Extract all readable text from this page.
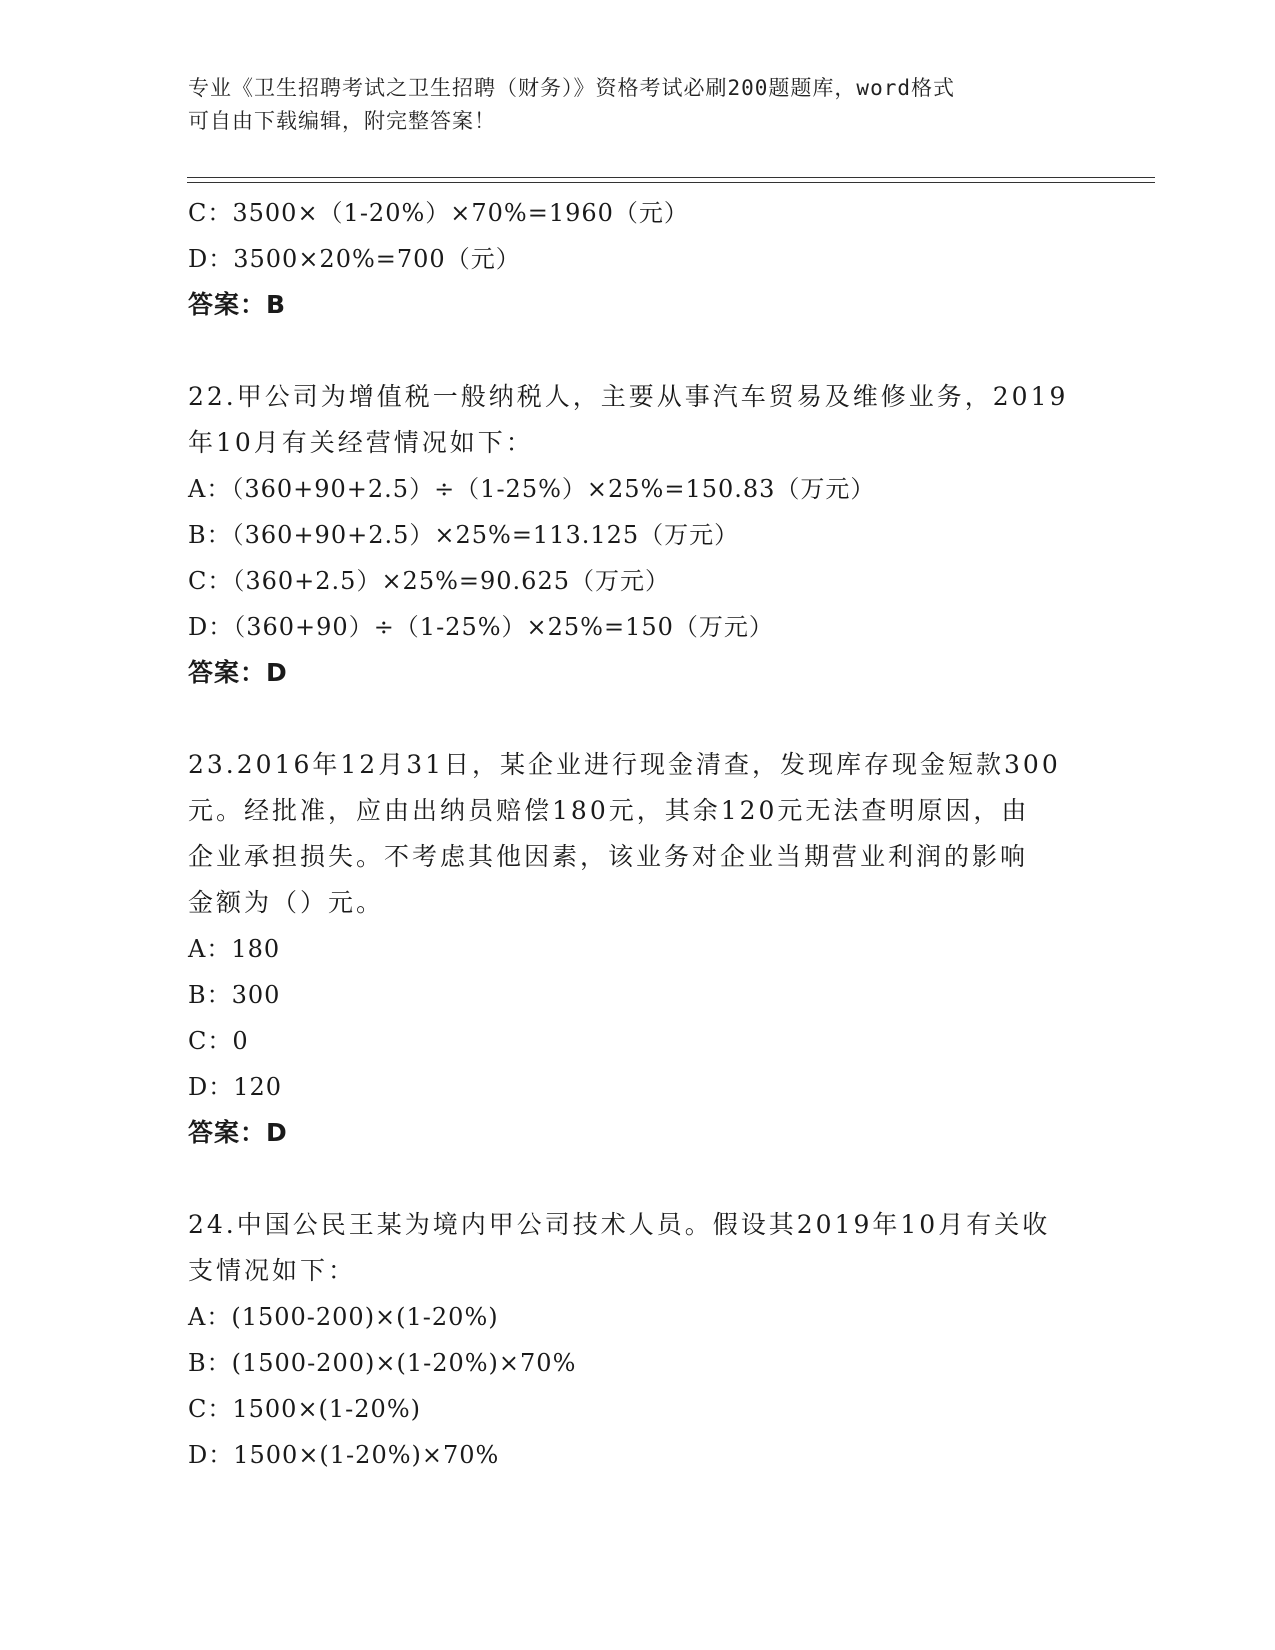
专业《卫生招聘考试之卫生招聘（财务）》资格考试必刷200题题库，word格式
可自由下载编辑，附完整答案！
C：3500×（1-20%）×70%=1960（元）
D：3500×20%=700（元）
答案：B
22.甲公司为增值税一般纳税人，主要从事汽车贸易及维修业务，2019
年10月有关经营情况如下：
A：（360+90+2.5）÷（1-25%）×25%=150.83（万元）
B：（360+90+2.5）×25%=113.125（万元）
C：（360+2.5）×25%=90.625（万元）
D：（360+90）÷（1-25%）×25%=150（万元）
答案：D
23.2016年12月31日，某企业进行现金清查，发现库存现金短款300
元。经批准，应由出纳员赔偿180元，其余120元无法查明原因，由
企业承担损失。不考虑其他因素，该业务对企业当期营业利润的影响
金额为（）元。
A：180
B：300
C：0
D：120
答案：D
24.中国公民王某为境内甲公司技术人员。假设其2019年10月有关收
支情况如下：
A：(1500-200)×(1-20%)
B：(1500-200)×(1-20%)×70%
C：1500×(1-20%)
D：1500×(1-20%)×70%
